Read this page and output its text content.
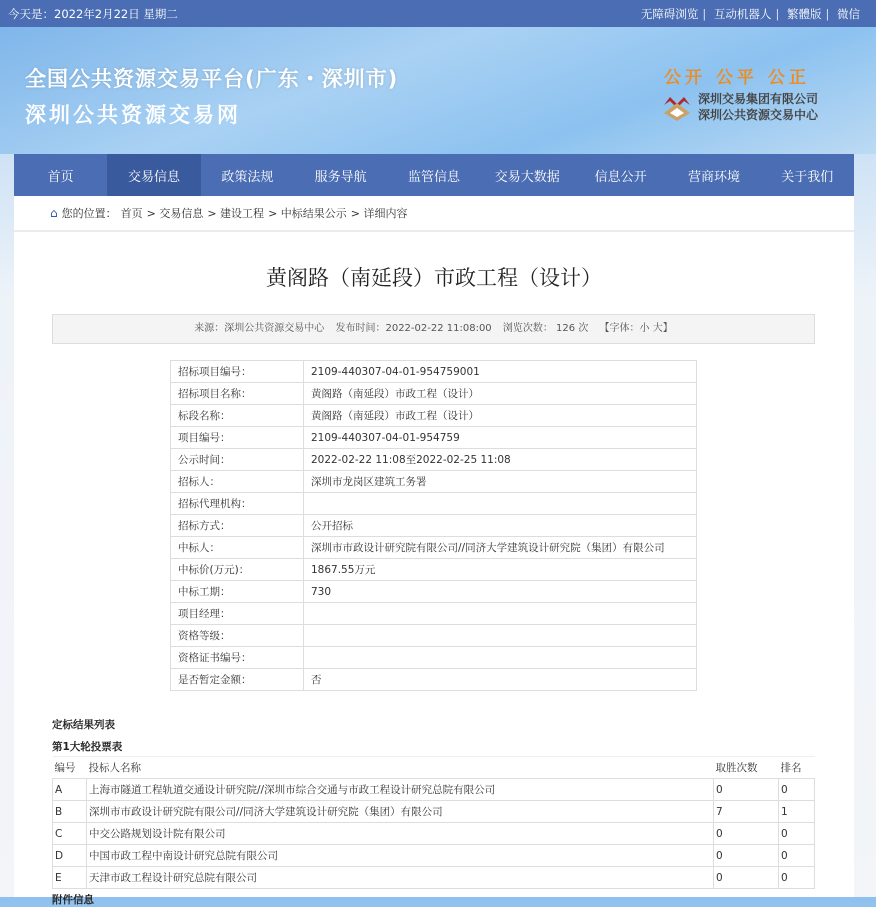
今天是：2022年2月22日 星期二	无障碍浏览 | 互动机器人 | 繁體版 | 微信
全国公共资源交易平台(广东・深圳市)
深圳公共资源交易网
公开 公平 公正
深圳交易集团有限公司
深圳公共资源交易中心
首页	交易信息	政策法规	服务导航	监管信息	交易大数据	信息公开	营商环境	关于我们
⌂ 您的位置： 首页 > 交易信息 > 建设工程 > 中标结果公示 > 详细内容
黄阁路（南延段）市政工程（设计）
来源：深圳公共资源交易中心 发布时间：2022-02-22 11:08:00 浏览次数： 126 次 【字体：小 大】
招标项目编号：	2109-440307-04-01-954759001
招标项目名称：	黄阁路（南延段）市政工程（设计）
标段名称：	黄阁路（南延段）市政工程（设计）
项目编号：	2109-440307-04-01-954759
公示时间：	2022-02-22 11:08至2022-02-25 11:08
招标人：	深圳市龙岗区建筑工务署
招标代理机构：	
招标方式：	公开招标
中标人：	深圳市市政设计研究院有限公司//同济大学建筑设计研究院（集团）有限公司
中标价(万元)：	1867.55万元
中标工期：	730
项目经理：	
资格等级：	
资格证书编号：	
是否暂定金额：	否
定标结果列表
第1大轮投票表
编号	投标人名称	取胜次数	排名
A	上海市隧道工程轨道交通设计研究院//深圳市综合交通与市政工程设计研究总院有限公司	0	0
B	深圳市市政设计研究院有限公司//同济大学建筑设计研究院（集团）有限公司	7	1
C	中交公路规划设计院有限公司	0	0
D	中国市政工程中南设计研究总院有限公司	0	0
E	天津市政工程设计研究总院有限公司	0	0
附件信息
